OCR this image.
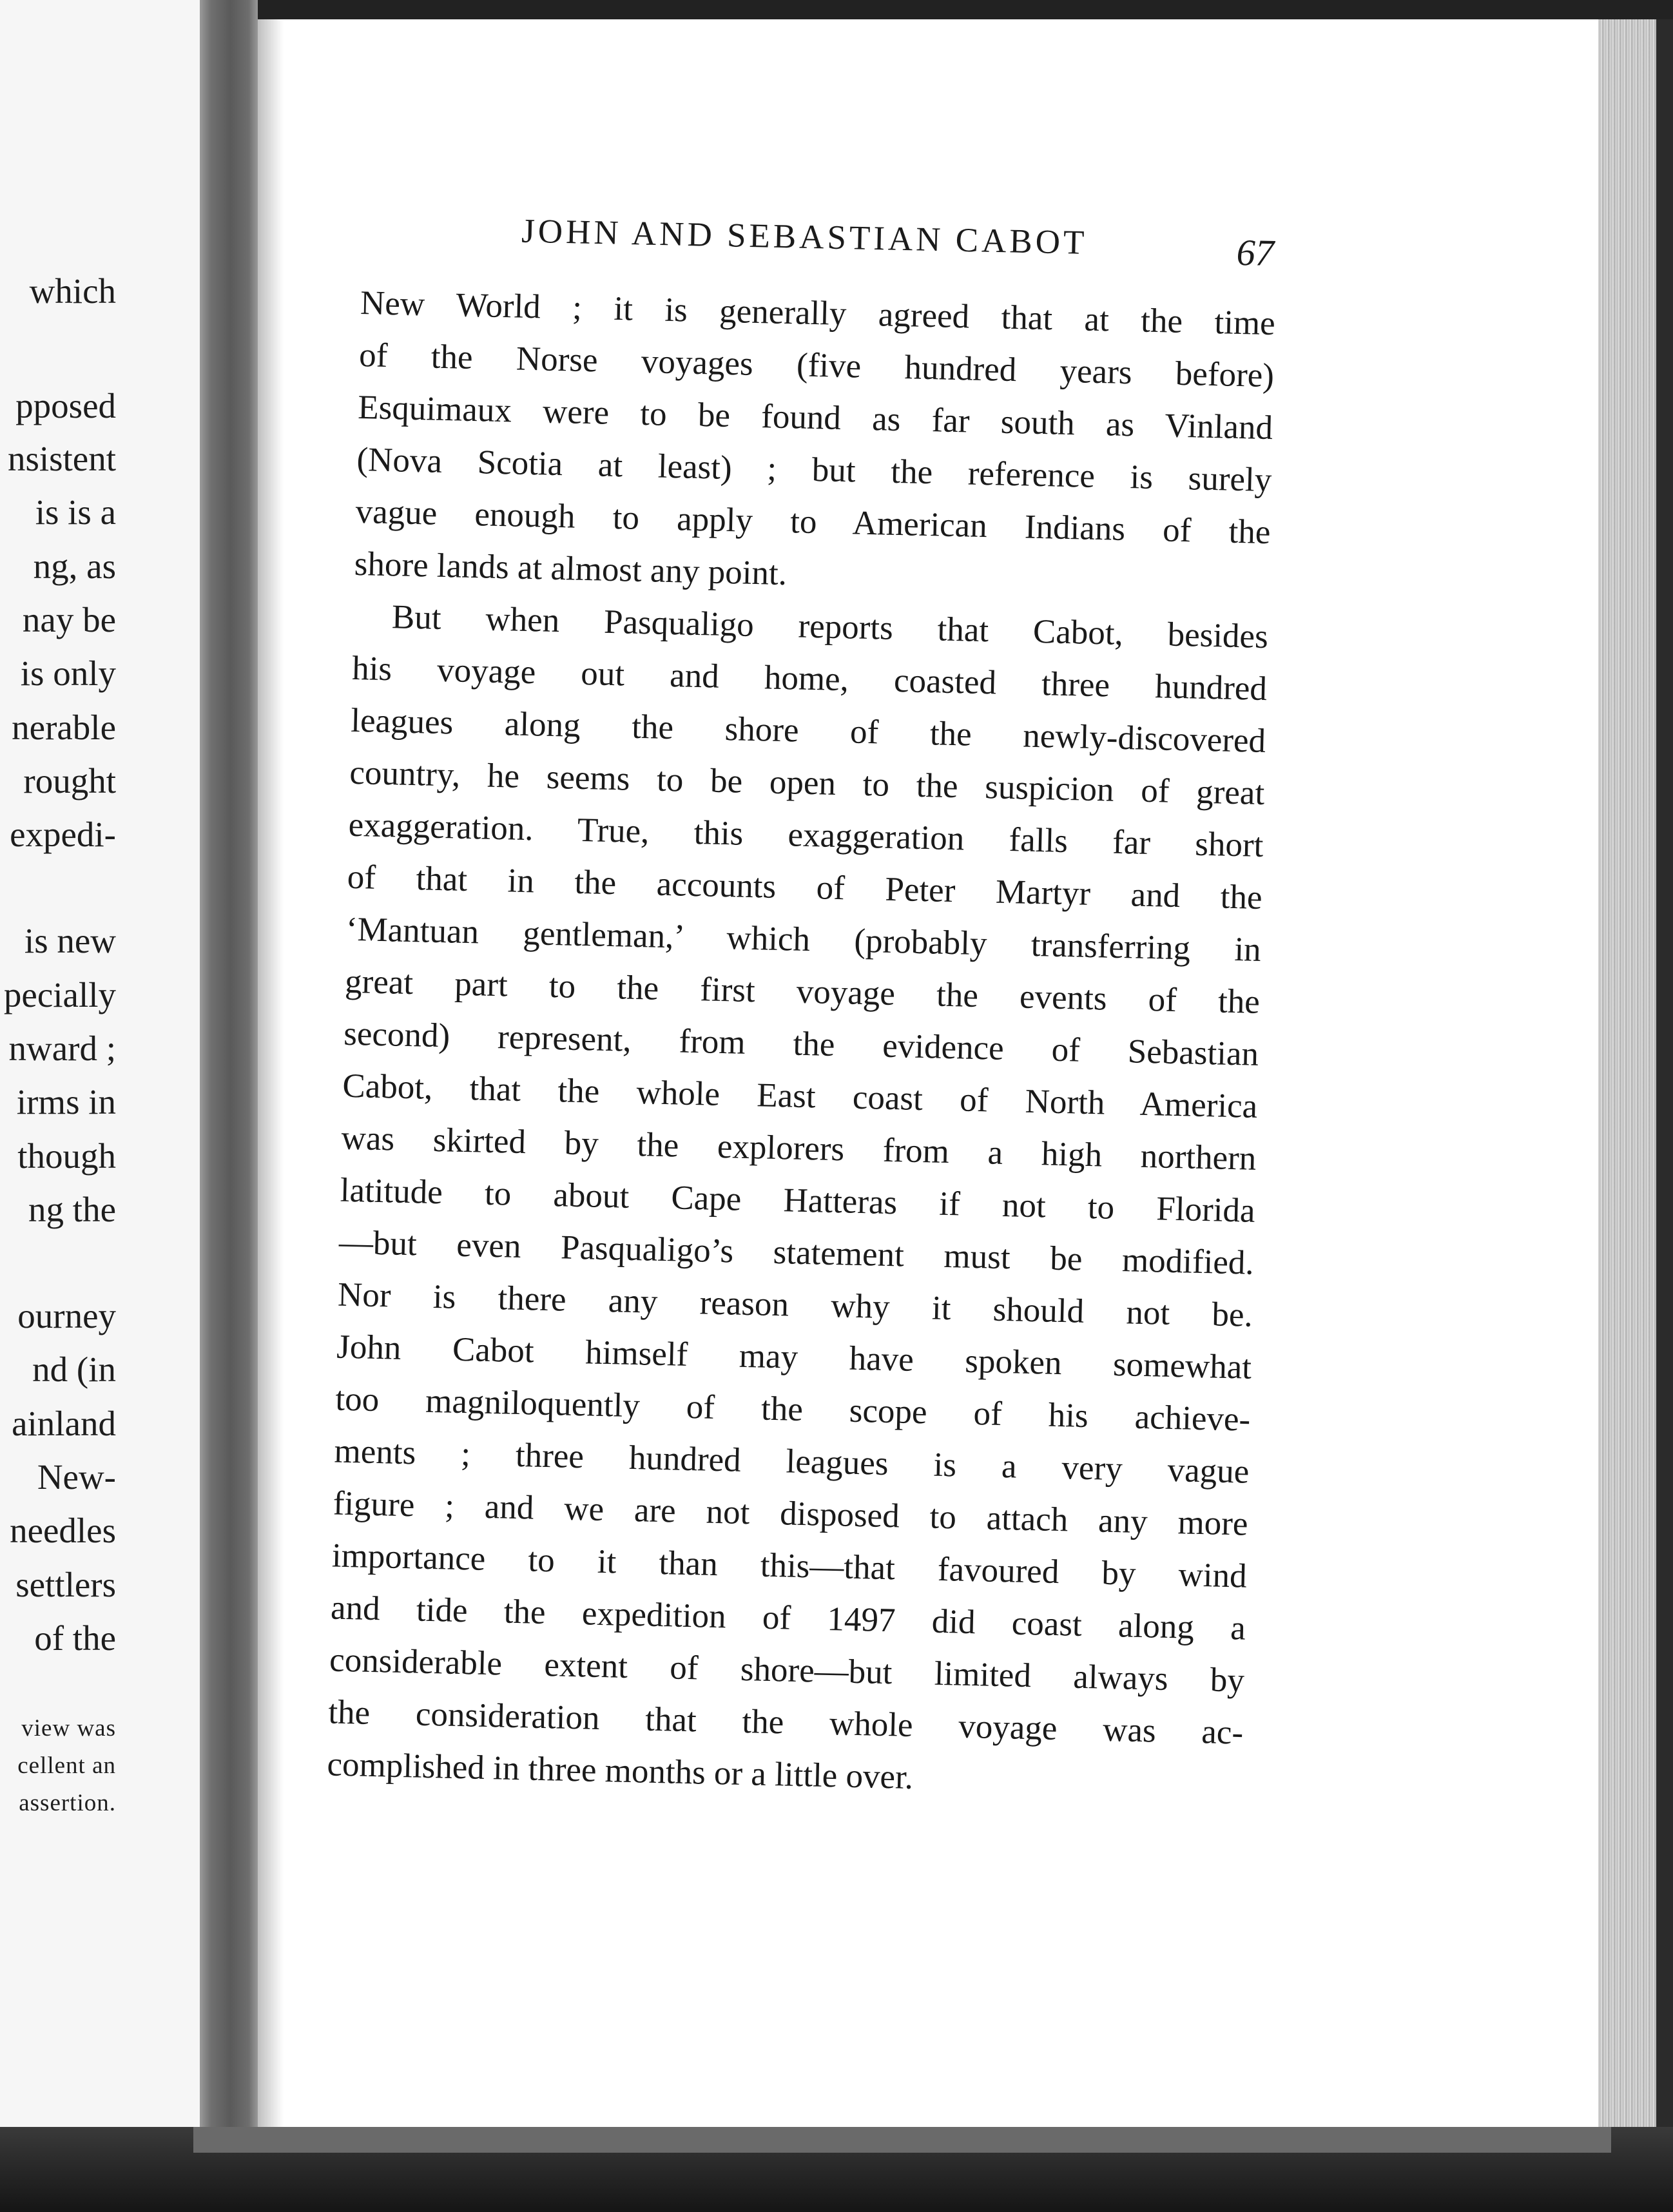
which
pposed
nsistent
is is a
ng, as
nay be
is only
nerable
rought
expedi-
is new
pecially
nward ;
irms in
though
ng the
ourney
nd (in
ainland
New-
needles
settlers
of the
view was
cellent an
assertion.
JOHN AND SEBASTIAN CABOT	67
New World ; it is generally agreed that at the time
of the Norse voyages (five hundred years before)
Esquimaux were to be found as far south as Vinland
(Nova Scotia at least) ; but the reference is surely
vague enough to apply to American Indians of the
shore lands at almost any point.
But when Pasqualigo reports that Cabot, besides
his voyage out and home, coasted three hundred
leagues along the shore of the newly-discovered
country, he seems to be open to the suspicion of great
exaggeration. True, this exaggeration falls far short
of that in the accounts of Peter Martyr and the
‘Mantuan gentleman,’ which (probably transferring in
great part to the first voyage the events of the
second) represent, from the evidence of Sebastian
Cabot, that the whole East coast of North America
was skirted by the explorers from a high northern
latitude to about Cape Hatteras if not to Florida
—but even Pasqualigo’s statement must be modified.
Nor is there any reason why it should not be.
John Cabot himself may have spoken somewhat
too magniloquently of the scope of his achieve-
ments ; three hundred leagues is a very vague
figure ; and we are not disposed to attach any more
importance to it than this—that favoured by wind
and tide the expedition of 1497 did coast along a
considerable extent of shore—but limited always by
the consideration that the whole voyage was ac-
complished in three months or a little over.
